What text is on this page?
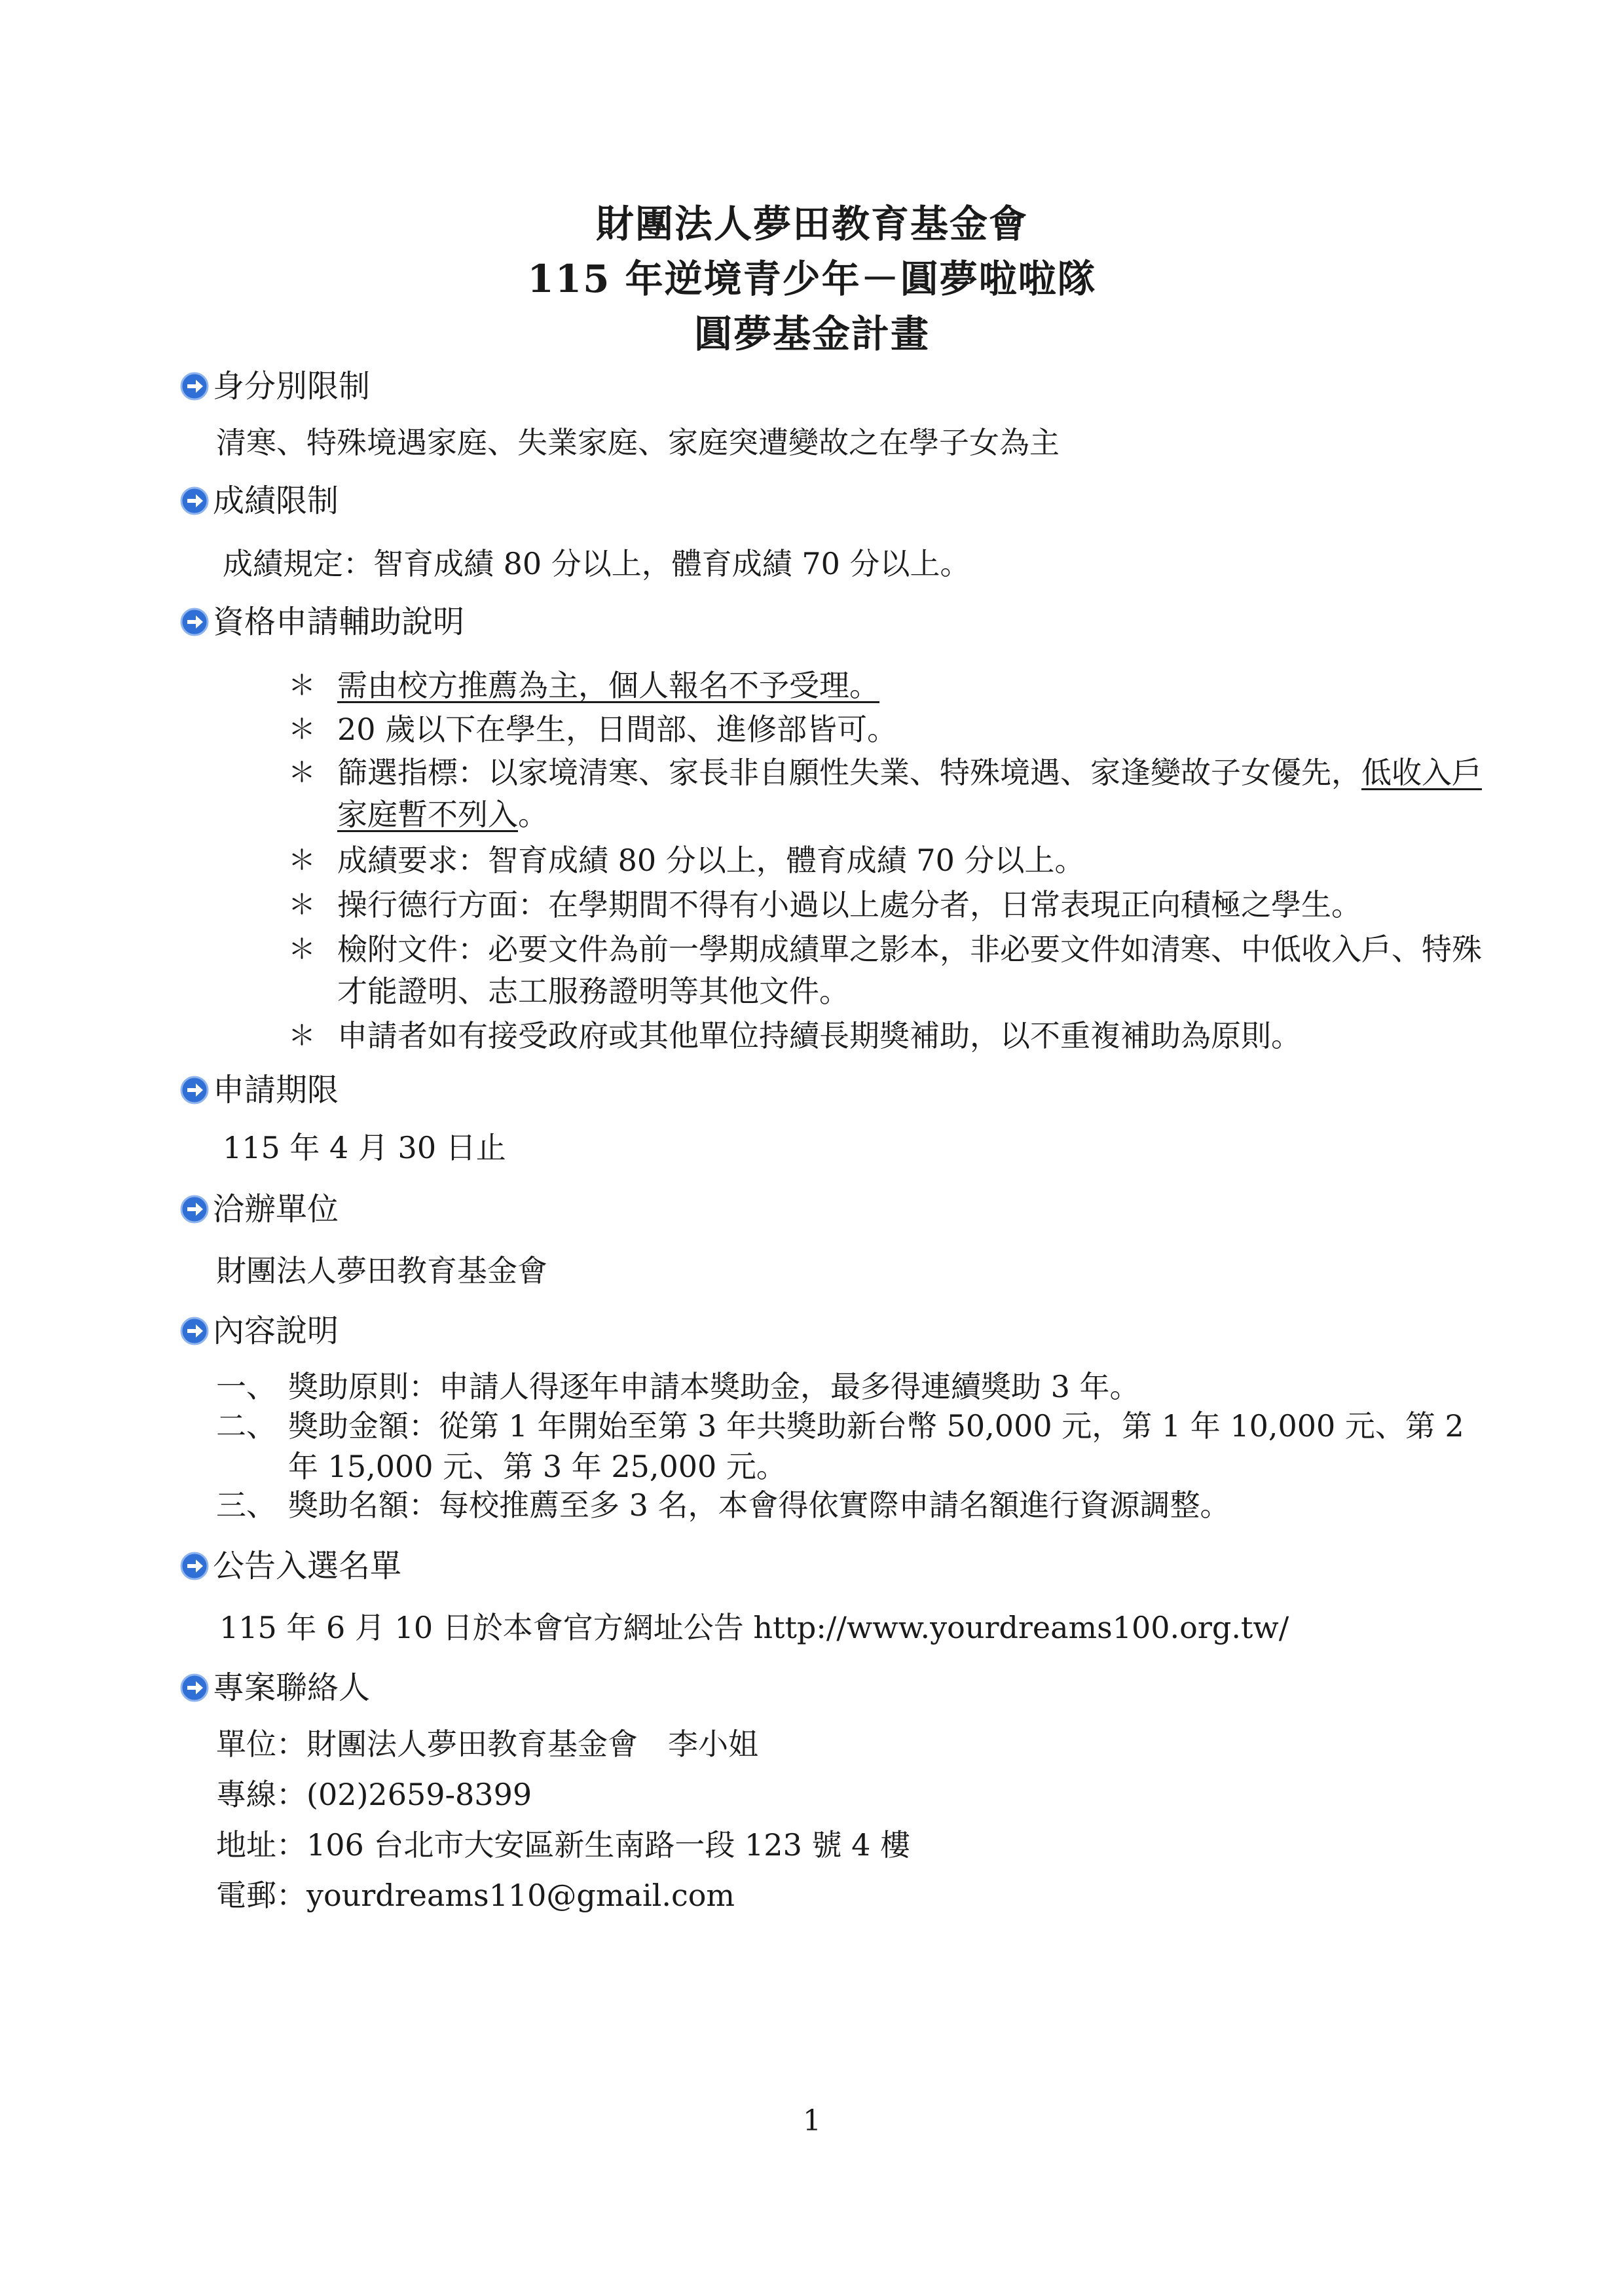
財團法人夢田教育基金會
115 年逆境青少年－圓夢啦啦隊
圓夢基金計畫
身分別限制
清寒、特殊境遇家庭、失業家庭、家庭突遭變故之在學子女為主
成績限制
成績規定：智育成績 80 分以上，體育成績 70 分以上。
資格申請輔助說明
＊ 需由校方推薦為主，個人報名不予受理。
＊ 20 歲以下在學生，日間部、進修部皆可。
＊ 篩選指標：以家境清寒、家長非自願性失業、特殊境遇、家逢變故子女優先，低收入戶家庭暫不列入。
＊ 成績要求：智育成績 80 分以上，體育成績 70 分以上。
＊ 操行德行方面：在學期間不得有小過以上處分者，日常表現正向積極之學生。
＊ 檢附文件：必要文件為前一學期成績單之影本，非必要文件如清寒、中低收入戶、特殊才能證明、志工服務證明等其他文件。
＊ 申請者如有接受政府或其他單位持續長期獎補助，以不重複補助為原則。
申請期限
115 年 4 月 30 日止
洽辦單位
財團法人夢田教育基金會
內容說明
一、 獎助原則：申請人得逐年申請本獎助金，最多得連續獎助 3 年。
二、 獎助金額：從第 1 年開始至第 3 年共獎助新台幣 50,000 元，第 1 年 10,000 元、第 2 年 15,000 元、第 3 年 25,000 元。
三、 獎助名額：每校推薦至多 3 名，本會得依實際申請名額進行資源調整。
公告入選名單
115 年 6 月 10 日於本會官方網址公告 http://www.yourdreams100.org.tw/
專案聯絡人
單位：財團法人夢田教育基金會　李小姐
專線：(02)2659-8399
地址：106 台北市大安區新生南路一段 123 號 4 樓
電郵：yourdreams110@gmail.com
1
